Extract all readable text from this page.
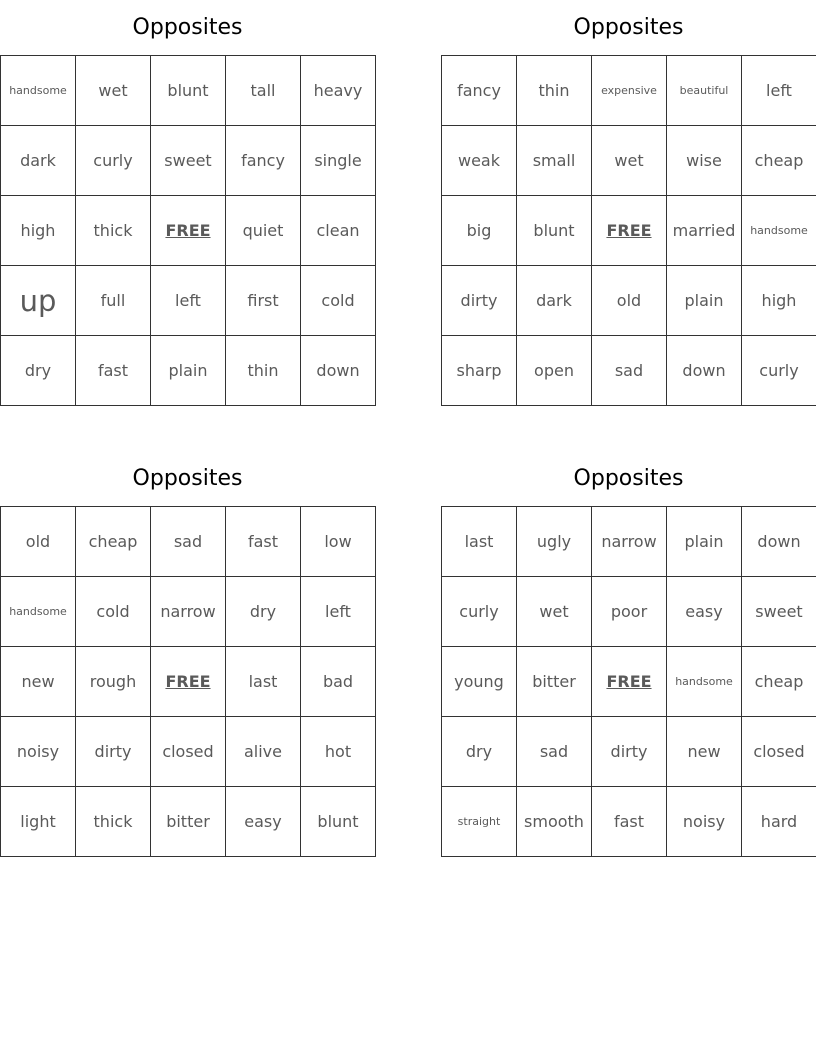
Opposites
handsome	wet	blunt	tall	heavy
dark	curly	sweet	fancy	single
high	thick	FREE	quiet	clean
up	full	left	first	cold
dry	fast	plain	thin	down
Opposites
fancy	thin	expensive	beautiful	left
weak	small	wet	wise	cheap
big	blunt	FREE	married	handsome
dirty	dark	old	plain	high
sharp	open	sad	down	curly
Opposites
old	cheap	sad	fast	low
handsome	cold	narrow	dry	left
new	rough	FREE	last	bad
noisy	dirty	closed	alive	hot
light	thick	bitter	easy	blunt
Opposites
last	ugly	narrow	plain	down
curly	wet	poor	easy	sweet
young	bitter	FREE	handsome	cheap
dry	sad	dirty	new	closed
straight	smooth	fast	noisy	hard
